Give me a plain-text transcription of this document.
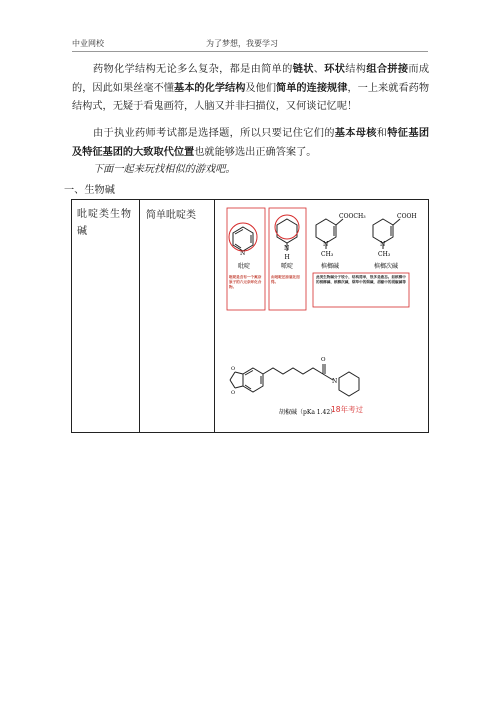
中业网校	为了梦想，我要学习
药物化学结构无论多么复杂，都是由简单的链状、环状结构组合拼接而成的，因此如果丝毫不懂基本的化学结构及他们简单的连接规律，一上来就看药物结构式，无疑于看鬼画符，人脑又并非扫描仪，又何谈记忆呢！
由于执业药师考试都是选择题，所以只要记住它们的基本母核和特征基团及特征基团的大致取代位置也就能够选出正确答案了。
下面一起来玩找相似的游戏吧。
一、生物碱
吡啶类生物碱
简单吡啶类
N
吡啶
吡啶是含有一个氮杂原子的六元杂环化合物。
N
H
哌啶
由吡啶还原氢化而得。
COOCH₃
N
CH₃
槟榔碱
COOH
N
CH₃
槟榔次碱
此类生物碱分子较小，结构简单，很多是液态。如槟榔中的槟榔碱、槟榔次碱，烟草中的烟碱，胡椒中的胡椒碱等
O
O
O
N
胡椒碱（pKa 1.42）
18年考过
